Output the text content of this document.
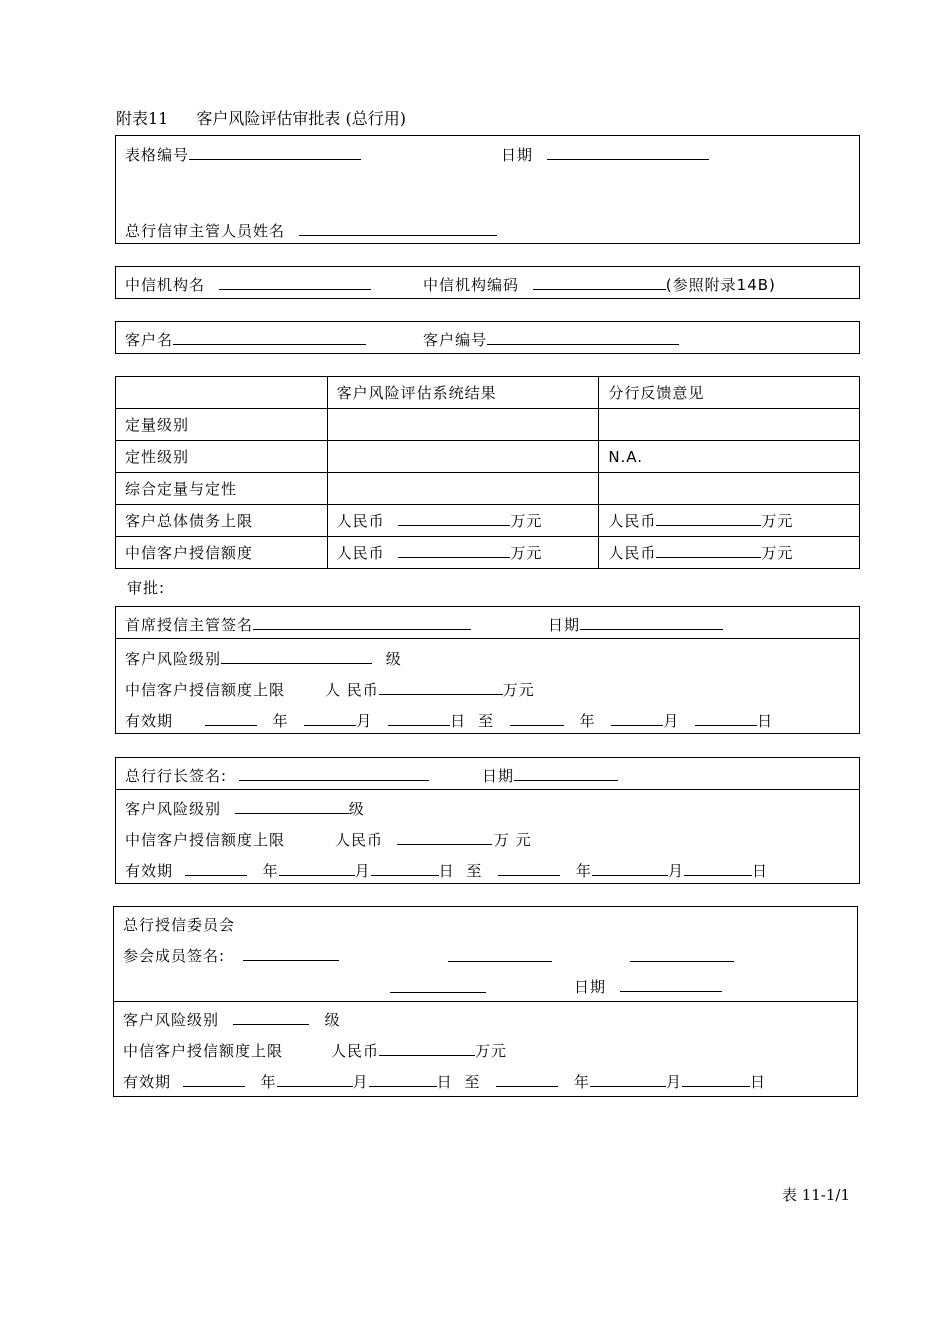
附表11 客户风险评估审批表 (总行用)
表格编号	日期
总行信审主管人员姓名
中信机构名	中信机构编码	(参照附录14B)
客户名	客户编号
	客户风险评估系统结果	分行反馈意见
定量级别		
定性级别		N.A.
综合定量与定性		
客户总体债务上限	人民币 万元	人民币 万元
中信客户授信额度	人民币 万元	人民币 万元
审批:
首席授信主管签名	日期
客户风险级别	级
中信客户授信额度上限	人 民币	万元
有效期	年	月	日 至	年	月	日
总行行长签名:	日期
客户风险级别	级
中信客户授信额度上限	人民币	万 元
有效期	年	月	日 至	年	月	日
总行授信委员会
参会成员签名:
日期
客户风险级别	级
中信客户授信额度上限	人民币	万元
有效期	年	月	日 至	年	月	日
表 11-1/1
